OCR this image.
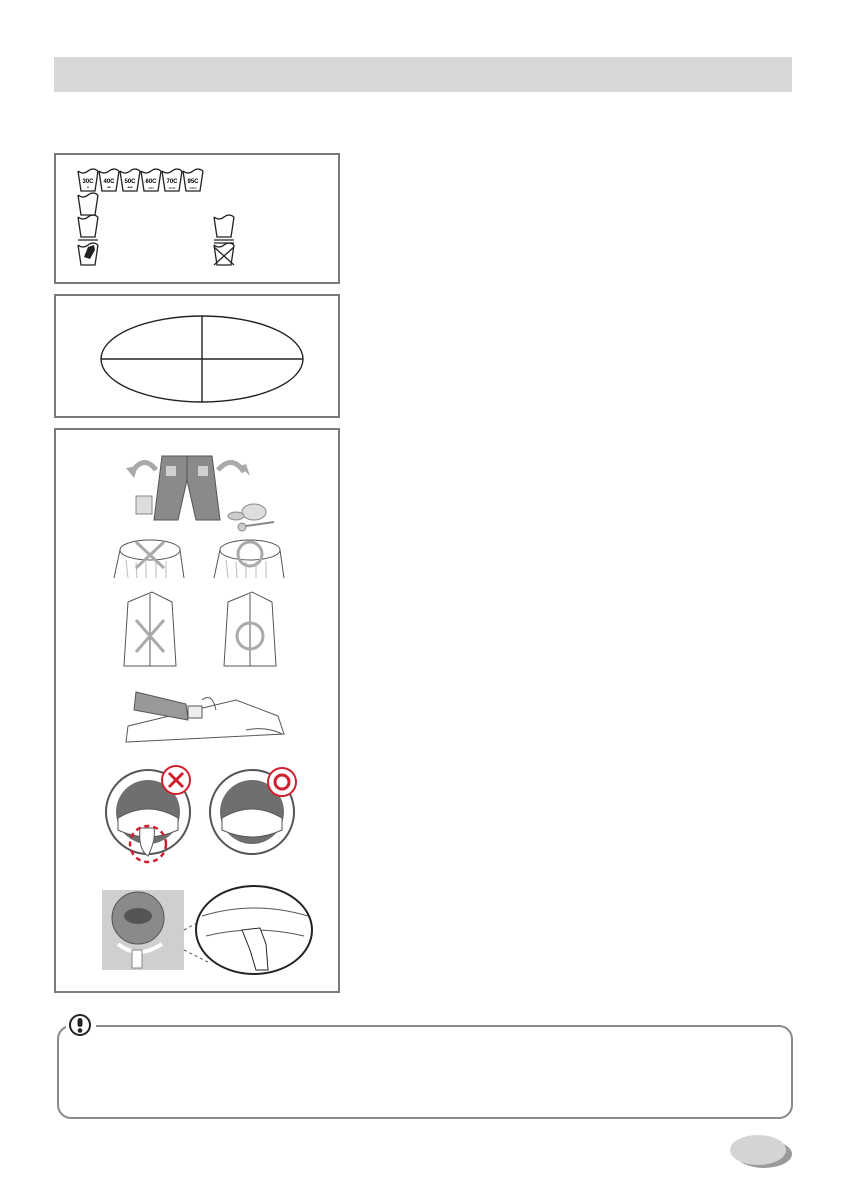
30C
•
40C
••
50C
•••
60C
••••
70C
•••••
95C
••••••
